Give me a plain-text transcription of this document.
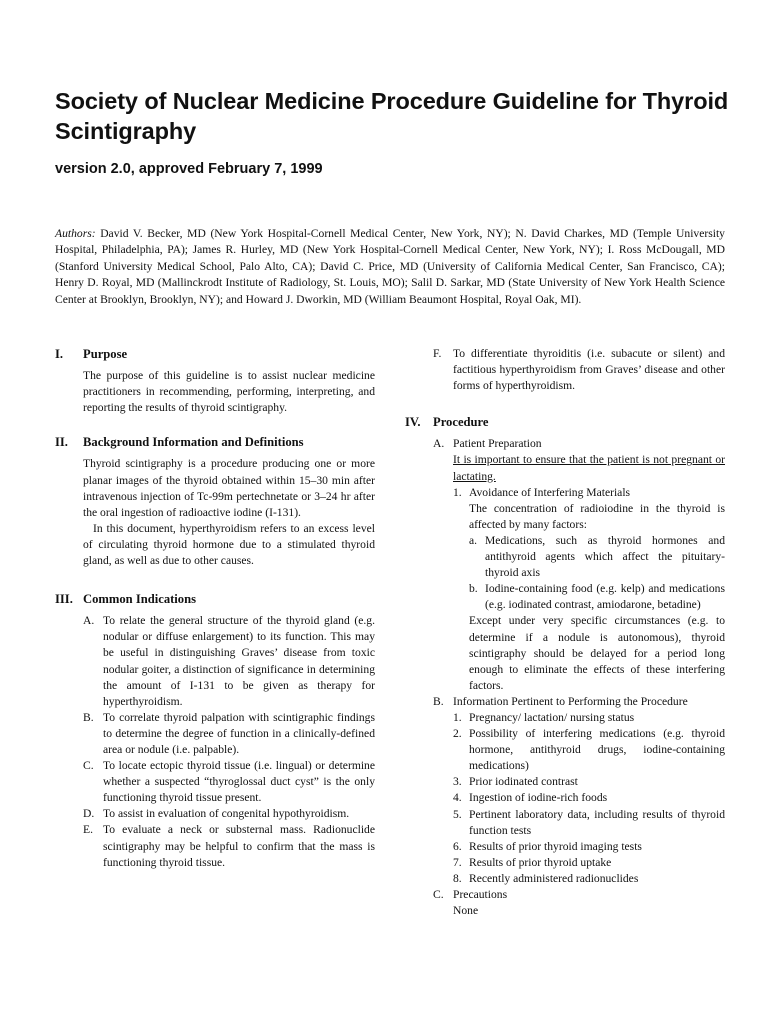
Society of Nuclear Medicine Procedure Guideline for Thyroid Scintigraphy

version 2.0, approved February 7, 1999

Authors: David V. Becker, MD (New York Hospital-Cornell Medical Center, New York, NY); N. David Charkes, MD (Temple University Hospital, Philadelphia, PA); James R. Hurley, MD (New York Hospital-Cornell Medical Center, New York, NY); I. Ross McDougall, MD (Stanford University Medical School, Palo Alto, CA); David C. Price, MD (University of California Medical Center, San Francisco, CA); Henry D. Royal, MD (Mallinckrodt Institute of Radiology, St. Louis, MO); Salil D. Sarkar, MD (State University of New York Health Science Center at Brooklyn, Brooklyn, NY); and Howard J. Dworkin, MD (William Beaumont Hospital, Royal Oak, MI).

I.	Purpose

The purpose of this guideline is to assist nuclear medicine practitioners in recommending, performing, interpreting, and reporting the results of thyroid scintigraphy.

II.	Background Information and Definitions

Thyroid scintigraphy is a procedure producing one or more planar images of the thyroid obtained within 15–30 min after intravenous injection of Tc-99m pertechnetate or 3–24 hr after the oral ingestion of radioactive iodine (I-131).

In this document, hyperthyroidism refers to an excess level of circulating thyroid hormone due to a stimulated thyroid gland, as well as due to other causes.

III. Common Indications
A. To relate the general structure of the thyroid gland (e.g. nodular or diffuse enlargement) to its function. This may be useful in distinguishing Graves’ disease from toxic nodular goiter, a distinction of significance in determining the amount of I-131 to be given as therapy for hyperthyroidism.
B. To correlate thyroid palpation with scintigraphic findings to determine the degree of function in a clinically-defined area or nodule (i.e. palpable).
C. To locate ectopic thyroid tissue (i.e. lingual) or determine whether a suspected “thyroglossal duct cyst” is the only functioning thyroid tissue present.
D. To assist in evaluation of congenital hypothyroidism.
E. To evaluate a neck or substernal mass. Radionuclide scintigraphy may be helpful to confirm that the mass is functioning thyroid tissue.
F. To differentiate thyroiditis (i.e. subacute or silent) and factitious hyperthyroidism from Graves’ disease and other forms of hyperthyroidism.
IV. Procedure
A. Patient Preparation

It is important to ensure that the patient is not pregnant or lactating.

1. Avoidance of Interfering Materials

The concentration of radioiodine in the thyroid is affected by many factors:

a. Medications, such as thyroid hormones and antithyroid agents which affect the pituitary-thyroid axis
b. Iodine-containing food (e.g. kelp) and medications (e.g. iodinated contrast, amiodarone, betadine)

Except under very specific circumstances (e.g. to determine if a nodule is autonomous), thyroid scintigraphy should be delayed for a period long enough to eliminate the effects of these interfering factors.

B. Information Pertinent to Performing the Procedure
1. Pregnancy/ lactation/ nursing status
2. Possibility of interfering medications (e.g. thyroid hormone, antithyroid drugs, iodine-containing medications)
3. Prior iodinated contrast
4. Ingestion of iodine-rich foods
5. Pertinent laboratory data, including results of thyroid function tests
6. Results of prior thyroid imaging tests
7. Results of prior thyroid uptake
8. Recently administered radionuclides
C. Precautions

None
